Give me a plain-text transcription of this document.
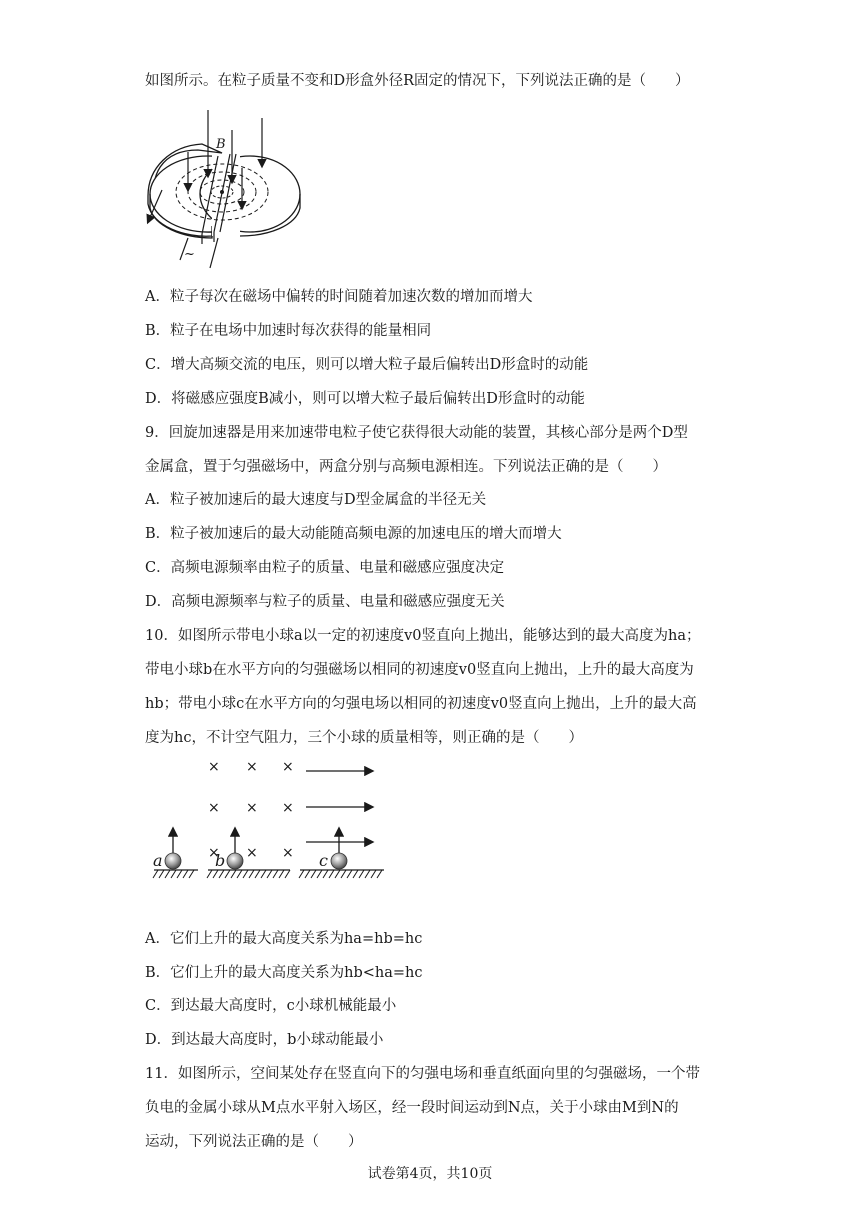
如图所示。在粒子质量不变和D形盒外径R固定的情况下，下列说法正确的是（　　）
B
~
A．粒子每次在磁场中偏转的时间随着加速次数的增加而增大
B．粒子在电场中加速时每次获得的能量相同
C．增大高频交流的电压，则可以增大粒子最后偏转出D形盒时的动能
D．将磁感应强度B减小，则可以增大粒子最后偏转出D形盒时的动能
9．回旋加速器是用来加速带电粒子使它获得很大动能的装置，其核心部分是两个D型
金属盒，置于匀强磁场中，两盒分别与高频电源相连。下列说法正确的是（　　）
A．粒子被加速后的最大速度与D型金属盒的半径无关
B．粒子被加速后的最大动能随高频电源的加速电压的增大而增大
C．高频电源频率由粒子的质量、电量和磁感应强度决定
D．高频电源频率与粒子的质量、电量和磁感应强度无关
10．如图所示带电小球a以一定的初速度v0竖直向上抛出，能够达到的最大高度为ha；
带电小球b在水平方向的匀强磁场以相同的初速度v0竖直向上抛出，上升的最大高度为
hb；带电小球c在水平方向的匀强电场以相同的初速度v0竖直向上抛出，上升的最大高
度为hc，不计空气阻力，三个小球的质量相等，则正确的是（　　）
× × ×
× × ×
× × ×
a	b	c
A．它们上升的最大高度关系为ha=hb=hc
B．它们上升的最大高度关系为hb<ha=hc
C．到达最大高度时，c小球机械能最小
D．到达最大高度时，b小球动能最小
11．如图所示，空间某处存在竖直向下的匀强电场和垂直纸面向里的匀强磁场，一个带
负电的金属小球从M点水平射入场区，经一段时间运动到N点，关于小球由M到N的
运动，下列说法正确的是（　　）
试卷第4页，共10页
